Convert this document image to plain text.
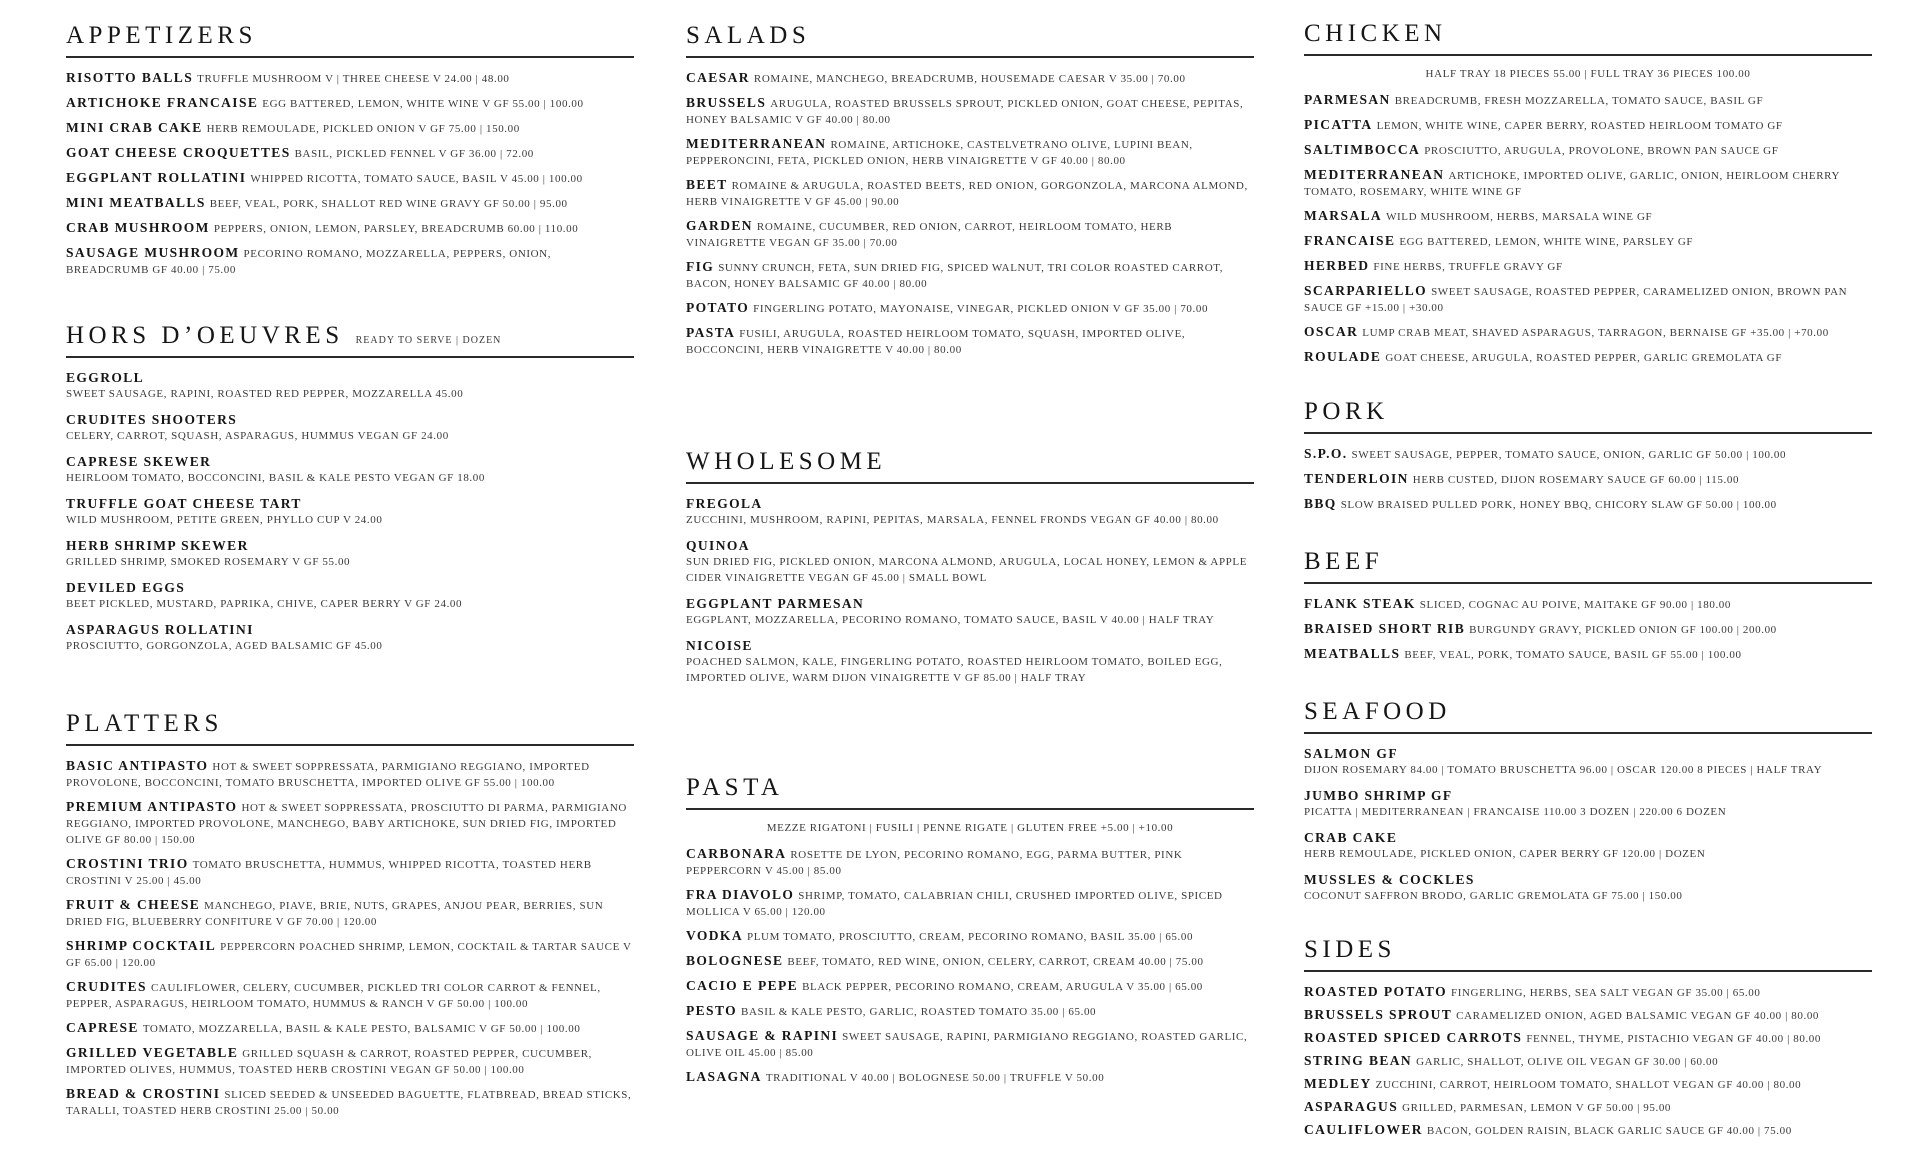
APPETIZERS
RISOTTO BALLS TRUFFLE MUSHROOM V | THREE CHEESE V 24.00 | 48.00
ARTICHOKE FRANCAISE EGG BATTERED, LEMON, WHITE WINE V GF 55.00 | 100.00
MINI CRAB CAKE HERB REMOULADE, PICKLED ONION V GF 75.00 | 150.00
GOAT CHEESE CROQUETTES BASIL, PICKLED FENNEL V GF 36.00 | 72.00
EGGPLANT ROLLATINI WHIPPED RICOTTA, TOMATO SAUCE, BASIL V 45.00 | 100.00
MINI MEATBALLS BEEF, VEAL, PORK, SHALLOT RED WINE GRAVY GF 50.00 | 95.00
CRAB MUSHROOM PEPPERS, ONION, LEMON, PARSLEY, BREADCRUMB 60.00 | 110.00
SAUSAGE MUSHROOM PECORINO ROMANO, MOZZARELLA, PEPPERS, ONION, BREADCRUMB GF 40.00 | 75.00
HORS D’OEUVRES READY TO SERVE | DOZEN
EGGROLL
SWEET SAUSAGE, RAPINI, ROASTED RED PEPPER, MOZZARELLA 45.00
CRUDITES SHOOTERS
CELERY, CARROT, SQUASH, ASPARAGUS, HUMMUS VEGAN GF 24.00
CAPRESE SKEWER
HEIRLOOM TOMATO, BOCCONCINI, BASIL & KALE PESTO VEGAN GF 18.00
TRUFFLE GOAT CHEESE TART
WILD MUSHROOM, PETITE GREEN, PHYLLO CUP V 24.00
HERB SHRIMP SKEWER
GRILLED SHRIMP, SMOKED ROSEMARY V GF 55.00
DEVILED EGGS
BEET PICKLED, MUSTARD, PAPRIKA, CHIVE, CAPER BERRY V GF 24.00
ASPARAGUS ROLLATINI
PROSCIUTTO, GORGONZOLA, AGED BALSAMIC GF 45.00
PLATTERS
BASIC ANTIPASTO HOT & SWEET SOPPRESSATA, PARMIGIANO REGGIANO, IMPORTED PROVOLONE, BOCCONCINI, TOMATO BRUSCHETTA, IMPORTED OLIVE GF 55.00 | 100.00
PREMIUM ANTIPASTO HOT & SWEET SOPPRESSATA, PROSCIUTTO DI PARMA, PARMIGIANO REGGIANO, IMPORTED PROVOLONE, MANCHEGO, BABY ARTICHOKE, SUN DRIED FIG, IMPORTED OLIVE GF 80.00 | 150.00
CROSTINI TRIO TOMATO BRUSCHETTA, HUMMUS, WHIPPED RICOTTA, TOASTED HERB CROSTINI V 25.00 | 45.00
FRUIT & CHEESE MANCHEGO, PIAVE, BRIE, NUTS, GRAPES, ANJOU PEAR, BERRIES, SUN DRIED FIG, BLUEBERRY CONFITURE V GF 70.00 | 120.00
SHRIMP COCKTAIL PEPPERCORN POACHED SHRIMP, LEMON, COCKTAIL & TARTAR SAUCE V GF 65.00 | 120.00
CRUDITES CAULIFLOWER, CELERY, CUCUMBER, PICKLED TRI COLOR CARROT & FENNEL, PEPPER, ASPARAGUS, HEIRLOOM TOMATO, HUMMUS & RANCH V GF 50.00 | 100.00
CAPRESE TOMATO, MOZZARELLA, BASIL & KALE PESTO, BALSAMIC V GF 50.00 | 100.00
GRILLED VEGETABLE GRILLED SQUASH & CARROT, ROASTED PEPPER, CUCUMBER, IMPORTED OLIVES, HUMMUS, TOASTED HERB CROSTINI VEGAN GF 50.00 | 100.00
BREAD & CROSTINI SLICED SEEDED & UNSEEDED BAGUETTE, FLATBREAD, BREAD STICKS, TARALLI, TOASTED HERB CROSTINI 25.00 | 50.00
SALADS
CAESAR ROMAINE, MANCHEGO, BREADCRUMB, HOUSEMADE CAESAR V 35.00 | 70.00
BRUSSELS ARUGULA, ROASTED BRUSSELS SPROUT, PICKLED ONION, GOAT CHEESE, PEPITAS, HONEY BALSAMIC V GF 40.00 | 80.00
MEDITERRANEAN ROMAINE, ARTICHOKE, CASTELVETRANO OLIVE, LUPINI BEAN, PEPPERONCINI, FETA, PICKLED ONION, HERB VINAIGRETTE V GF 40.00 | 80.00
BEET ROMAINE & ARUGULA, ROASTED BEETS, RED ONION, GORGONZOLA, MARCONA ALMOND, HERB VINAIGRETTE V GF 45.00 | 90.00
GARDEN ROMAINE, CUCUMBER, RED ONION, CARROT, HEIRLOOM TOMATO, HERB VINAIGRETTE VEGAN GF 35.00 | 70.00
FIG SUNNY CRUNCH, FETA, SUN DRIED FIG, SPICED WALNUT, TRI COLOR ROASTED CARROT, BACON, HONEY BALSAMIC GF 40.00 | 80.00
POTATO FINGERLING POTATO, MAYONAISE, VINEGAR, PICKLED ONION V GF 35.00 | 70.00
PASTA FUSILI, ARUGULA, ROASTED HEIRLOOM TOMATO, SQUASH, IMPORTED OLIVE, BOCCONCINI, HERB VINAIGRETTE V 40.00 | 80.00
WHOLESOME
FREGOLA
ZUCCHINI, MUSHROOM, RAPINI, PEPITAS, MARSALA, FENNEL FRONDS VEGAN GF 40.00 | 80.00
QUINOA
SUN DRIED FIG, PICKLED ONION, MARCONA ALMOND, ARUGULA, LOCAL HONEY, LEMON & APPLE CIDER VINAIGRETTE VEGAN GF 45.00 | SMALL BOWL
EGGPLANT PARMESAN
EGGPLANT, MOZZARELLA, PECORINO ROMANO, TOMATO SAUCE, BASIL V 40.00 | HALF TRAY
NICOISE
POACHED SALMON, KALE, FINGERLING POTATO, ROASTED HEIRLOOM TOMATO, BOILED EGG, IMPORTED OLIVE, WARM DIJON VINAIGRETTE V GF 85.00 | HALF TRAY
PASTA
MEZZE RIGATONI | FUSILI | PENNE RIGATE | GLUTEN FREE +5.00 | +10.00
CARBONARA ROSETTE DE LYON, PECORINO ROMANO, EGG, PARMA BUTTER, PINK PEPPERCORN V 45.00 | 85.00
FRA DIAVOLO SHRIMP, TOMATO, CALABRIAN CHILI, CRUSHED IMPORTED OLIVE, SPICED MOLLICA V 65.00 | 120.00
VODKA PLUM TOMATO, PROSCIUTTO, CREAM, PECORINO ROMANO, BASIL 35.00 | 65.00
BOLOGNESE BEEF, TOMATO, RED WINE, ONION, CELERY, CARROT, CREAM 40.00 | 75.00
CACIO E PEPE BLACK PEPPER, PECORINO ROMANO, CREAM, ARUGULA V 35.00 | 65.00
PESTO BASIL & KALE PESTO, GARLIC, ROASTED TOMATO 35.00 | 65.00
SAUSAGE & RAPINI SWEET SAUSAGE, RAPINI, PARMIGIANO REGGIANO, ROASTED GARLIC, OLIVE OIL 45.00 | 85.00
LASAGNA TRADITIONAL V 40.00 | BOLOGNESE 50.00 | TRUFFLE V 50.00
CHICKEN
HALF TRAY 18 PIECES 55.00 | FULL TRAY 36 PIECES 100.00
PARMESAN BREADCRUMB, FRESH MOZZARELLA, TOMATO SAUCE, BASIL GF
PICATTA LEMON, WHITE WINE, CAPER BERRY, ROASTED HEIRLOOM TOMATO GF
SALTIMBOCCA PROSCIUTTO, ARUGULA, PROVOLONE, BROWN PAN SAUCE GF
MEDITERRANEAN ARTICHOKE, IMPORTED OLIVE, GARLIC, ONION, HEIRLOOM CHERRY TOMATO, ROSEMARY, WHITE WINE GF
MARSALA WILD MUSHROOM, HERBS, MARSALA WINE GF
FRANCAISE EGG BATTERED, LEMON, WHITE WINE, PARSLEY GF
HERBED FINE HERBS, TRUFFLE GRAVY GF
SCARPARIELLO SWEET SAUSAGE, ROASTED PEPPER, CARAMELIZED ONION, BROWN PAN SAUCE GF +15.00 | +30.00
OSCAR LUMP CRAB MEAT, SHAVED ASPARAGUS, TARRAGON, BERNAISE GF +35.00 | +70.00
ROULADE GOAT CHEESE, ARUGULA, ROASTED PEPPER, GARLIC GREMOLATA GF
PORK
S.P.O. SWEET SAUSAGE, PEPPER, TOMATO SAUCE, ONION, GARLIC GF 50.00 | 100.00
TENDERLOIN HERB CUSTED, DIJON ROSEMARY SAUCE GF 60.00 | 115.00
BBQ SLOW BRAISED PULLED PORK, HONEY BBQ, CHICORY SLAW GF 50.00 | 100.00
BEEF
FLANK STEAK SLICED, COGNAC AU POIVE, MAITAKE GF 90.00 | 180.00
BRAISED SHORT RIB BURGUNDY GRAVY, PICKLED ONION GF 100.00 | 200.00
MEATBALLS BEEF, VEAL, PORK, TOMATO SAUCE, BASIL GF 55.00 | 100.00
SEAFOOD
SALMON GF
DIJON ROSEMARY 84.00 | TOMATO BRUSCHETTA 96.00 | OSCAR 120.00 8 PIECES | HALF TRAY
JUMBO SHRIMP GF
PICATTA | MEDITERRANEAN | FRANCAISE 110.00 3 DOZEN | 220.00 6 DOZEN
CRAB CAKE
HERB REMOULADE, PICKLED ONION, CAPER BERRY GF 120.00 | DOZEN
MUSSLES & COCKLES
COCONUT SAFFRON BRODO, GARLIC GREMOLATA GF 75.00 | 150.00
SIDES
ROASTED POTATO FINGERLING, HERBS, SEA SALT VEGAN GF 35.00 | 65.00
BRUSSELS SPROUT CARAMELIZED ONION, AGED BALSAMIC VEGAN GF 40.00 | 80.00
ROASTED SPICED CARROTS FENNEL, THYME, PISTACHIO VEGAN GF 40.00 | 80.00
STRING BEAN GARLIC, SHALLOT, OLIVE OIL VEGAN GF 30.00 | 60.00
MEDLEY ZUCCHINI, CARROT, HEIRLOOM TOMATO, SHALLOT VEGAN GF 40.00 | 80.00
ASPARAGUS GRILLED, PARMESAN, LEMON V GF 50.00 | 95.00
CAULIFLOWER BACON, GOLDEN RAISIN, BLACK GARLIC SAUCE GF 40.00 | 75.00
